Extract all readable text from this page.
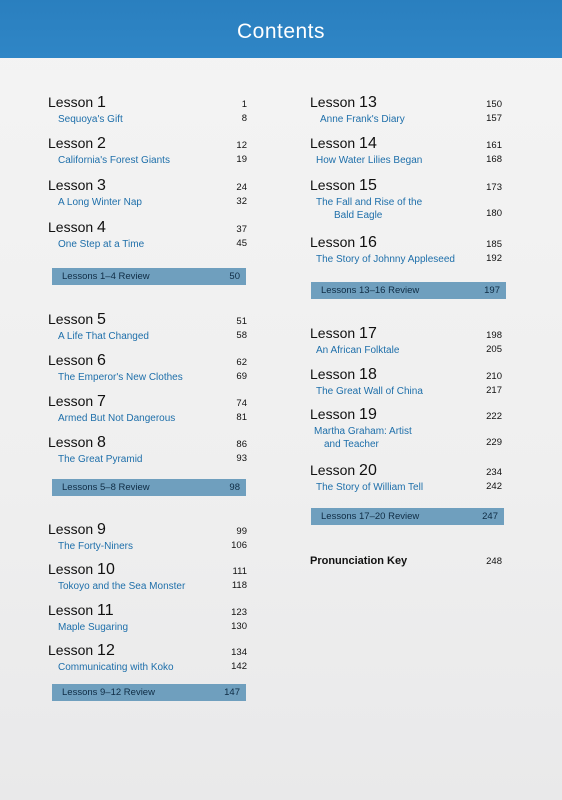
Contents
Lesson 1	1
Sequoya's Gift	8
Lesson 2	12
California's Forest Giants	19
Lesson 3	24
A Long Winter Nap	32
Lesson 4	37
One Step at a Time	45
Lessons 1–4 Review	50
Lesson 5	51
A Life That Changed	58
Lesson 6	62
The Emperor's New Clothes	69
Lesson 7	74
Armed But Not Dangerous	81
Lesson 8	86
The Great Pyramid	93
Lessons 5–8 Review	98
Lesson 9	99
The Forty-Niners	106
Lesson 10	111
Tokoyo and the Sea Monster	118
Lesson 11	123
Maple Sugaring	130
Lesson 12	134
Communicating with Koko	142
Lessons 9–12 Review	147
Lesson 13	150
Anne Frank's Diary	157
Lesson 14	161
How Water Lilies Began	168
Lesson 15	173
The Fall and Rise of the
Bald Eagle	180
Lesson 16	185
The Story of Johnny Appleseed	192
Lessons 13–16 Review	197
Lesson 17	198
An African Folktale	205
Lesson 18	210
The Great Wall of China	217
Lesson 19	222
Martha Graham: Artist
and Teacher	229
Lesson 20	234
The Story of William Tell	242
Lessons 17–20 Review	247
Pronunciation Key	248
